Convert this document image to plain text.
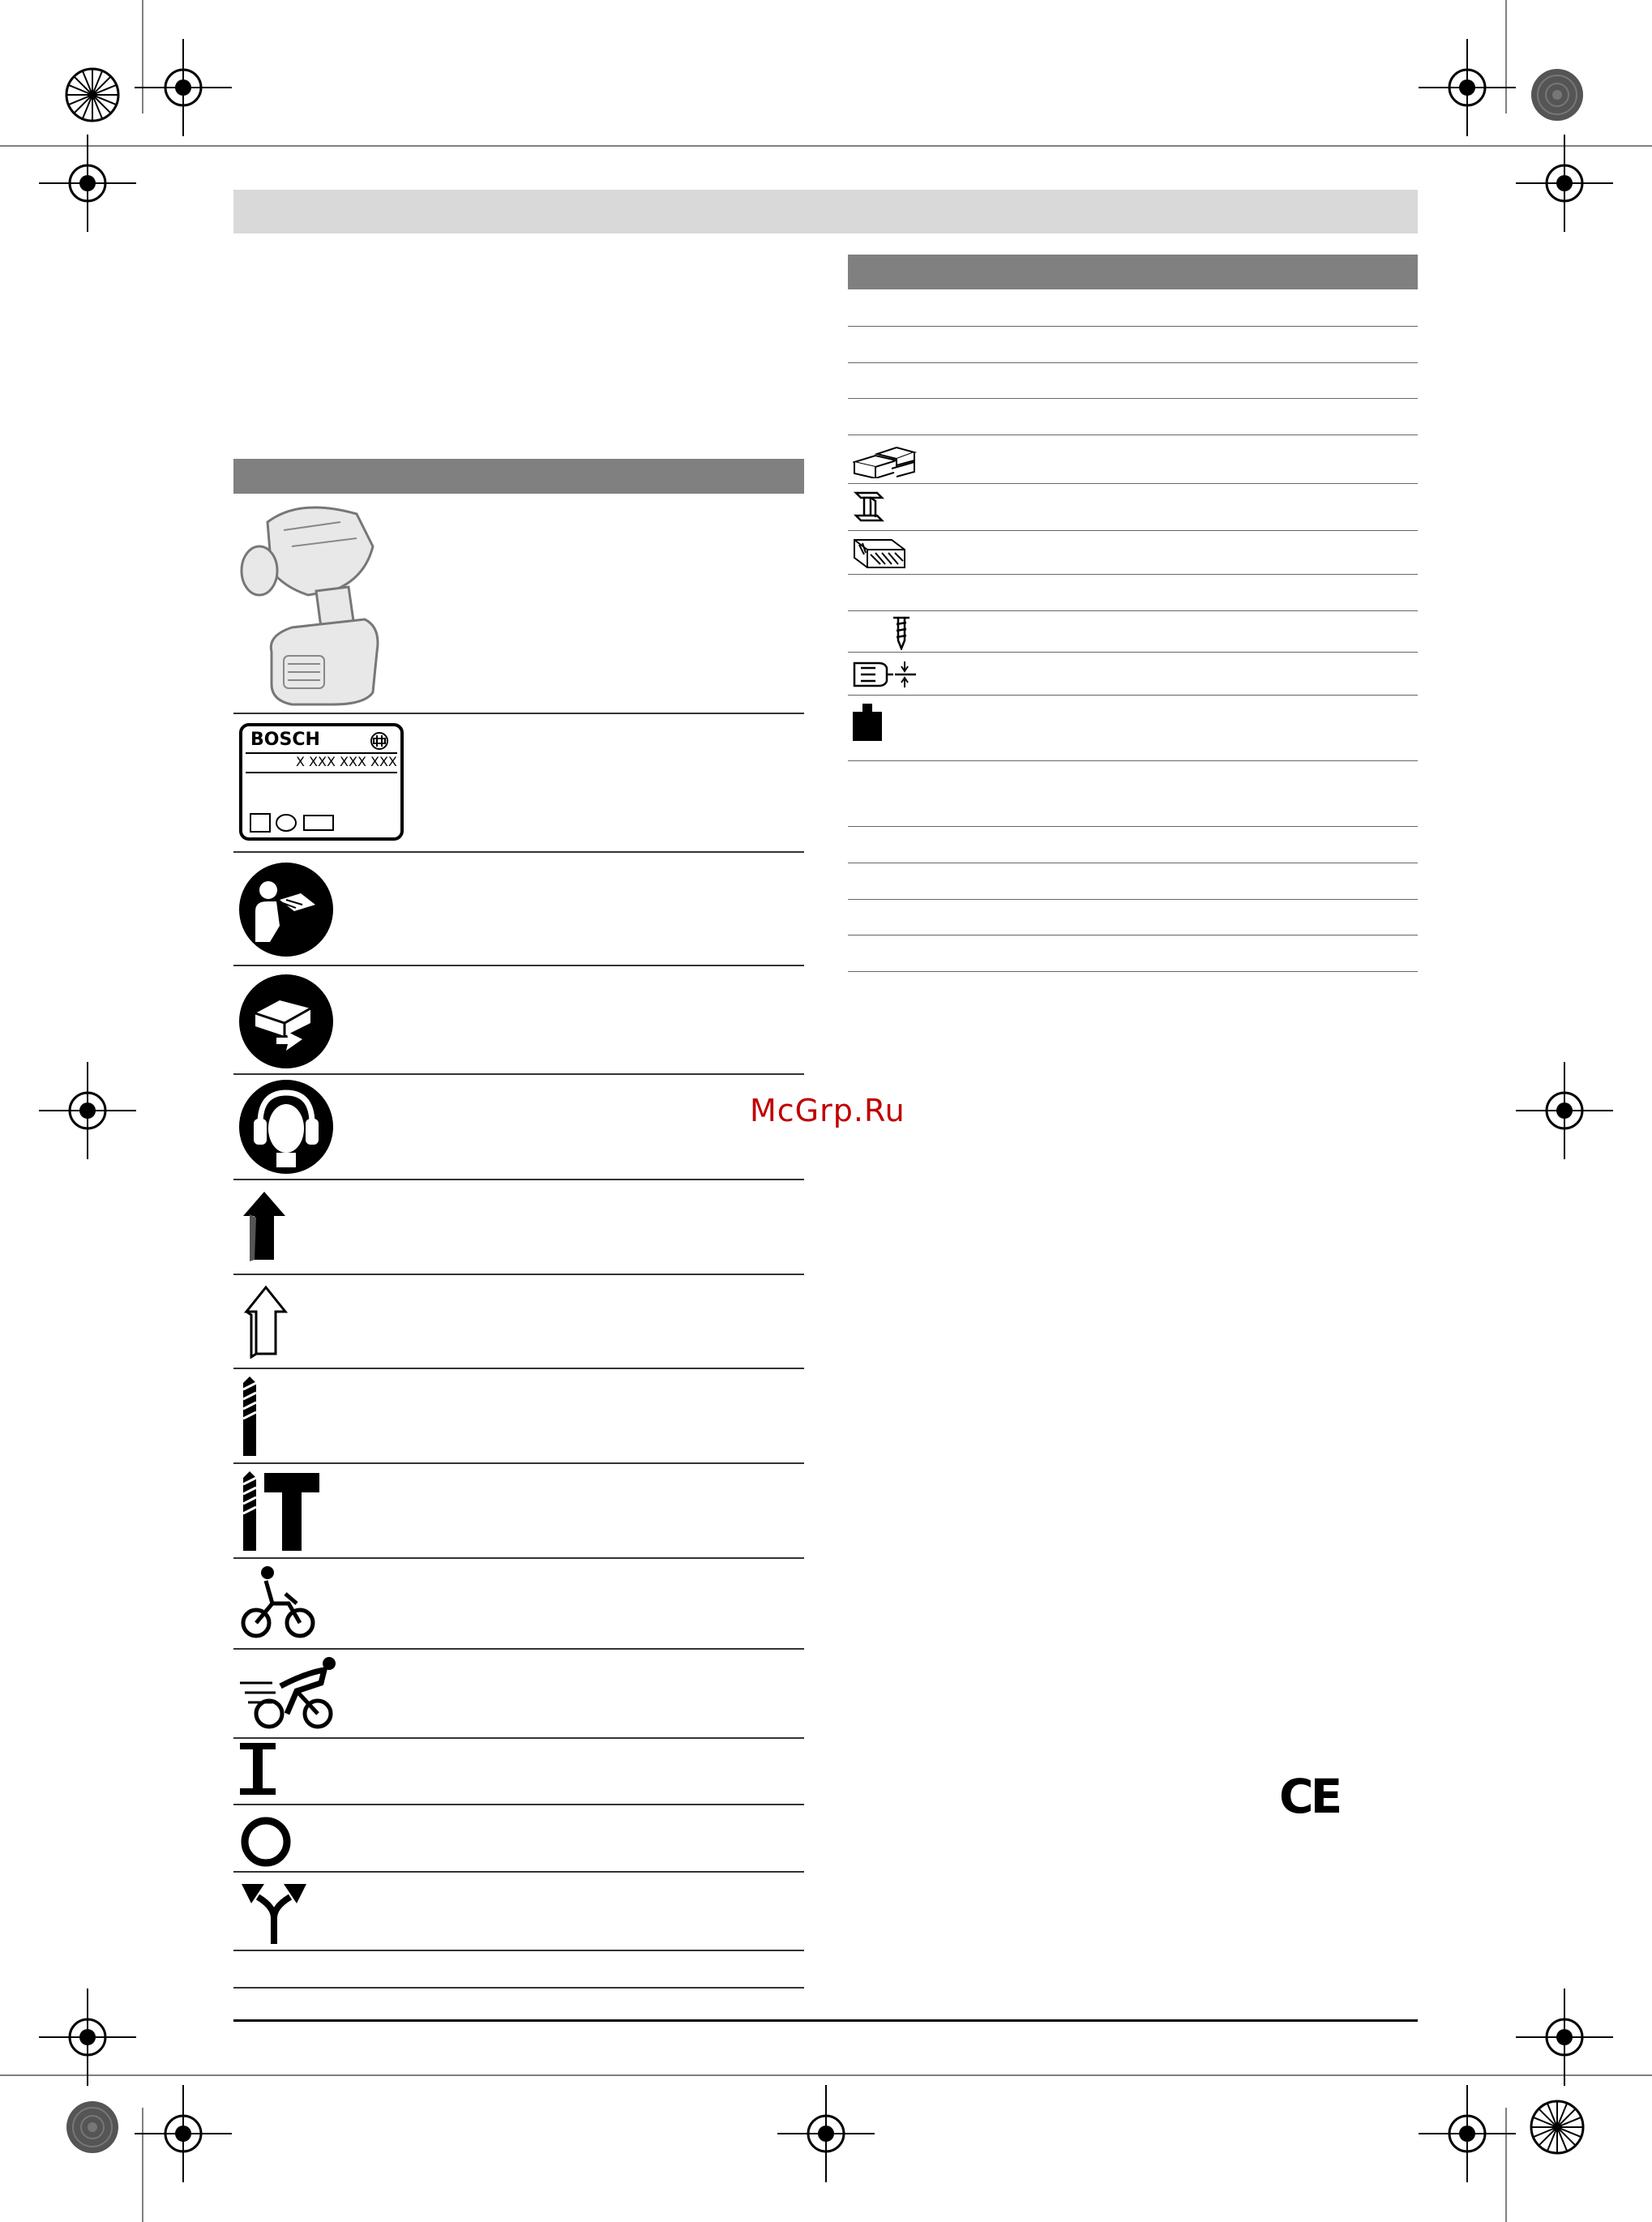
BOSCH
X XXX XXX XXX
McGrp.Ru
CE
